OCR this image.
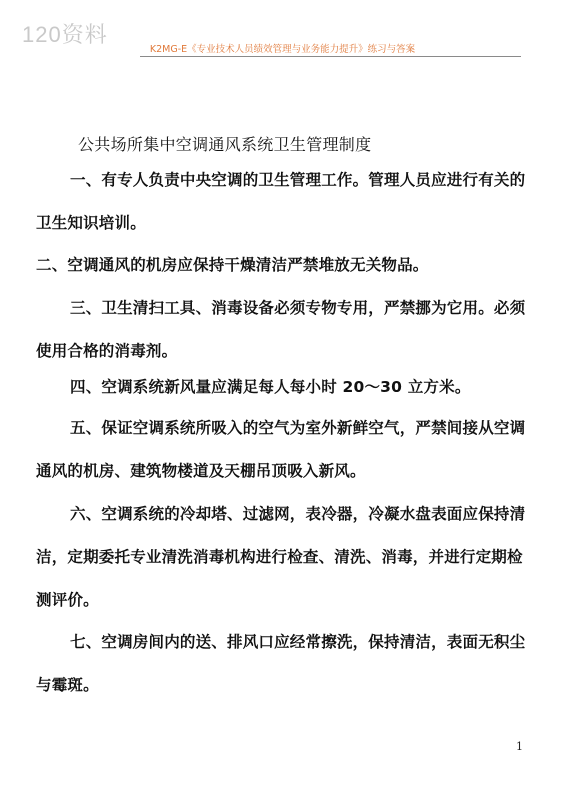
120资料
K2MG-E《专业技术人员绩效管理与业务能力提升》练习与答案
公共场所集中空调通风系统卫生管理制度
一、有专人负责中央空调的卫生管理工作。管理人员应进行有关的
卫生知识培训。
二、空调通风的机房应保持干燥清洁严禁堆放无关物品。
三、卫生清扫工具、消毒设备必须专物专用，严禁挪为它用。必须
使用合格的消毒剂。
四、空调系统新风量应满足每人每小时 20～30 立方米。
五、保证空调系统所吸入的空气为室外新鲜空气，严禁间接从空调
通风的机房、建筑物楼道及天棚吊顶吸入新风。
六、空调系统的冷却塔、过滤网，表冷器，冷凝水盘表面应保持清
洁，定期委托专业清洗消毒机构进行检查、清洗、消毒，并进行定期检
测评价。
七、空调房间内的送、排风口应经常擦洗，保持清洁，表面无积尘
与霉斑。
1
